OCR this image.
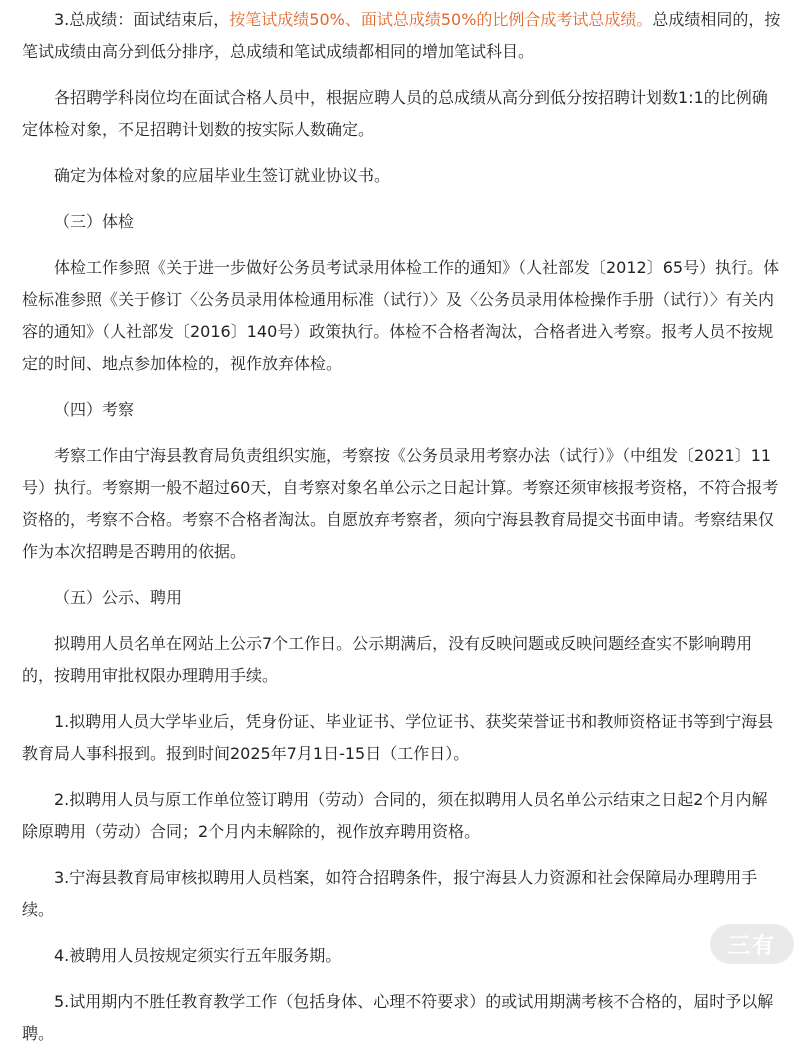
3.总成绩：面试结束后，按笔试成绩50%、面试总成绩50%的比例合成考试总成绩。总成绩相同的，按笔试成绩由高分到低分排序，总成绩和笔试成绩都相同的增加笔试科目。

各招聘学科岗位均在面试合格人员中，根据应聘人员的总成绩从高分到低分按招聘计划数1:1的比例确定体检对象，不足招聘计划数的按实际人数确定。

确定为体检对象的应届毕业生签订就业协议书。

（三）体检

体检工作参照《关于进一步做好公务员考试录用体检工作的通知》（人社部发〔2012〕65号）执行。体检标准参照《关于修订〈公务员录用体检通用标准（试行）〉及〈公务员录用体检操作手册（试行）〉有关内容的通知》（人社部发〔2016〕140号）政策执行。体检不合格者淘汰，合格者进入考察。报考人员不按规定的时间、地点参加体检的，视作放弃体检。

（四）考察

考察工作由宁海县教育局负责组织实施，考察按《公务员录用考察办法（试行）》（中组发〔2021〕11号）执行。考察期一般不超过60天，自考察对象名单公示之日起计算。考察还须审核报考资格，不符合报考资格的，考察不合格。考察不合格者淘汰。自愿放弃考察者，须向宁海县教育局提交书面申请。考察结果仅作为本次招聘是否聘用的依据。

（五）公示、聘用

拟聘用人员名单在网站上公示7个工作日。公示期满后，没有反映问题或反映问题经查实不影响聘用的，按聘用审批权限办理聘用手续。

1.拟聘用人员大学毕业后，凭身份证、毕业证书、学位证书、获奖荣誉证书和教师资格证书等到宁海县教育局人事科报到。报到时间2025年7月1日-15日（工作日）。

2.拟聘用人员与原工作单位签订聘用（劳动）合同的，须在拟聘用人员名单公示结束之日起2个月内解除原聘用（劳动）合同；2个月内未解除的，视作放弃聘用资格。

3.宁海县教育局审核拟聘用人员档案，如符合招聘条件，报宁海县人力资源和社会保障局办理聘用手续。

4.被聘用人员按规定须实行五年服务期。

5.试用期内不胜任教育教学工作（包括身体、心理不符要求）的或试用期满考核不合格的，届时予以解聘。

三有
